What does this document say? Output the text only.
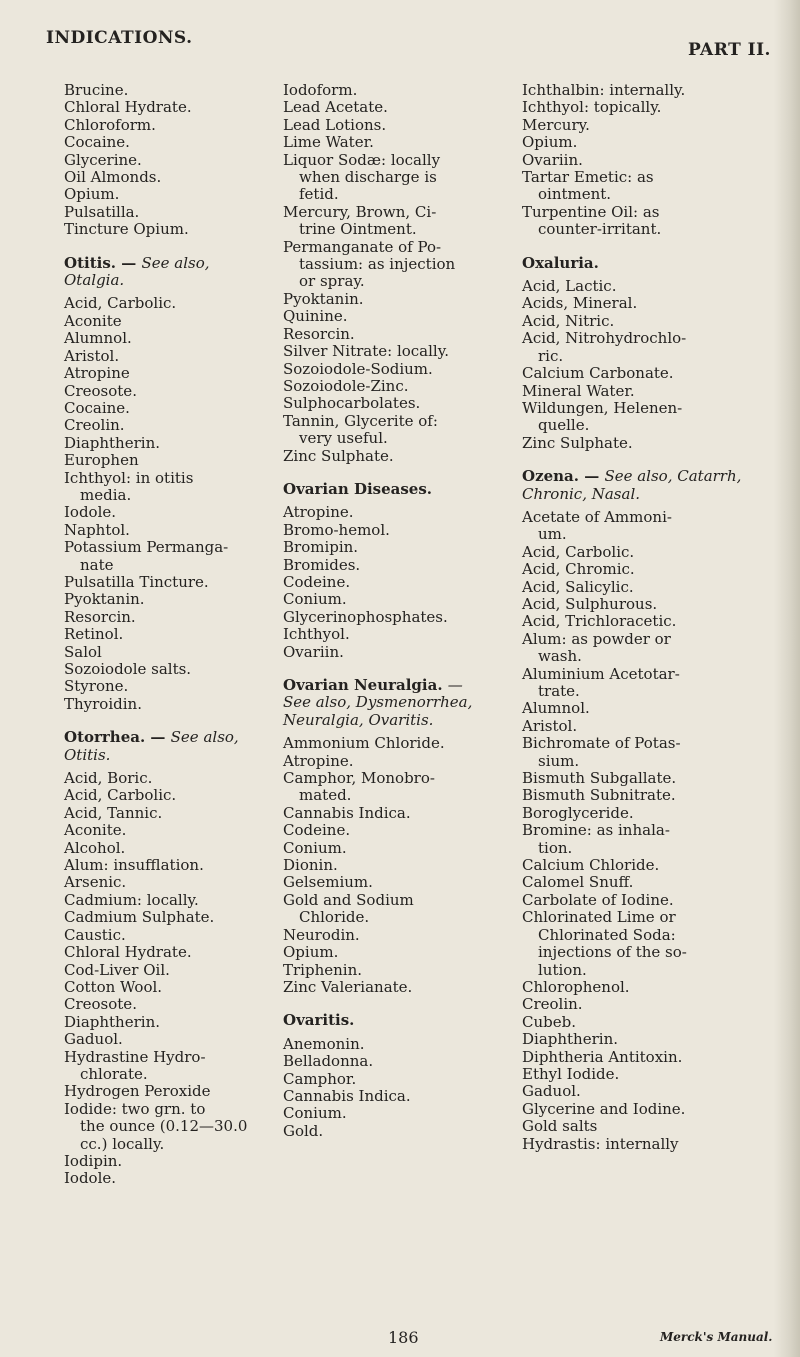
INDICATIONS.
PART II.
Brucine.
Chloral Hydrate.
Chloroform.
Cocaine.
Glycerine.
Oil Almonds.
Opium.
Pulsatilla.
Tincture Opium.
Otitis. — See also, Otalgia.
Acid, Carbolic.
Aconite
Alumnol.
Aristol.
Atropine
Creosote.
Cocaine.
Creolin.
Diaphtherin.
Europhen
Ichthyol: in otitis
media.
Iodole.
Naphtol.
Potassium Permanga-
nate
Pulsatilla Tincture.
Pyoktanin.
Resorcin.
Retinol.
Salol
Sozoiodole salts.
Styrone.
Thyroidin.
Otorrhea. — See also, Otitis.
Acid, Boric.
Acid, Carbolic.
Acid, Tannic.
Aconite.
Alcohol.
Alum: insufflation.
Arsenic.
Cadmium: locally.
Cadmium Sulphate.
Caustic.
Chloral Hydrate.
Cod-Liver Oil.
Cotton Wool.
Creosote.
Diaphtherin.
Gaduol.
Hydrastine Hydro-
chlorate.
Hydrogen Peroxide
Iodide: two grn. to
the ounce (0.12—30.0
cc.) locally.
Iodipin.
Iodole.
Iodoform.
Lead Acetate.
Lead Lotions.
Lime Water.
Liquor Sodæ: locally
when discharge is
fetid.
Mercury, Brown, Ci-
trine Ointment.
Permanganate of Po-
tassium: as injection
or spray.
Pyoktanin.
Quinine.
Resorcin.
Silver Nitrate: locally.
Sozoiodole-Sodium.
Sozoiodole-Zinc.
Sulphocarbolates.
Tannin, Glycerite of:
very useful.
Zinc Sulphate.
Ovarian Diseases.
Atropine.
Bromo-hemol.
Bromipin.
Bromides.
Codeine.
Conium.
Glycerinophosphates.
Ichthyol.
Ovariin.
Ovarian Neuralgia. — See also, Dysmenorrhea, Neuralgia, Ovaritis.
Ammonium Chloride.
Atropine.
Camphor, Monobro-
mated.
Cannabis Indica.
Codeine.
Conium.
Dionin.
Gelsemium.
Gold and Sodium
Chloride.
Neurodin.
Opium.
Triphenin.
Zinc Valerianate.
Ovaritis.
Anemonin.
Belladonna.
Camphor.
Cannabis Indica.
Conium.
Gold.
Ichthalbin: internally.
Ichthyol: topically.
Mercury.
Opium.
Ovariin.
Tartar Emetic: as
ointment.
Turpentine Oil: as
counter-irritant.
Oxaluria.
Acid, Lactic.
Acids, Mineral.
Acid, Nitric.
Acid, Nitrohydrochlo-
ric.
Calcium Carbonate.
Mineral Water.
Wildungen, Helenen-
quelle.
Zinc Sulphate.
Ozena. — See also, Catarrh, Chronic, Nasal.
Acetate of Ammoni-
um.
Acid, Carbolic.
Acid, Chromic.
Acid, Salicylic.
Acid, Sulphurous.
Acid, Trichloracetic.
Alum: as powder or
wash.
Aluminium Acetotar-
trate.
Alumnol.
Aristol.
Bichromate of Potas-
sium.
Bismuth Subgallate.
Bismuth Subnitrate.
Boroglyceride.
Bromine: as inhala-
tion.
Calcium Chloride.
Calomel Snuff.
Carbolate of Iodine.
Chlorinated Lime or
Chlorinated Soda:
injections of the so-
lution.
Chlorophenol.
Creolin.
Cubeb.
Diaphtherin.
Diphtheria Antitoxin.
Ethyl Iodide.
Gaduol.
Glycerine and Iodine.
Gold salts
Hydrastis: internally
186	Merck's Manual.
